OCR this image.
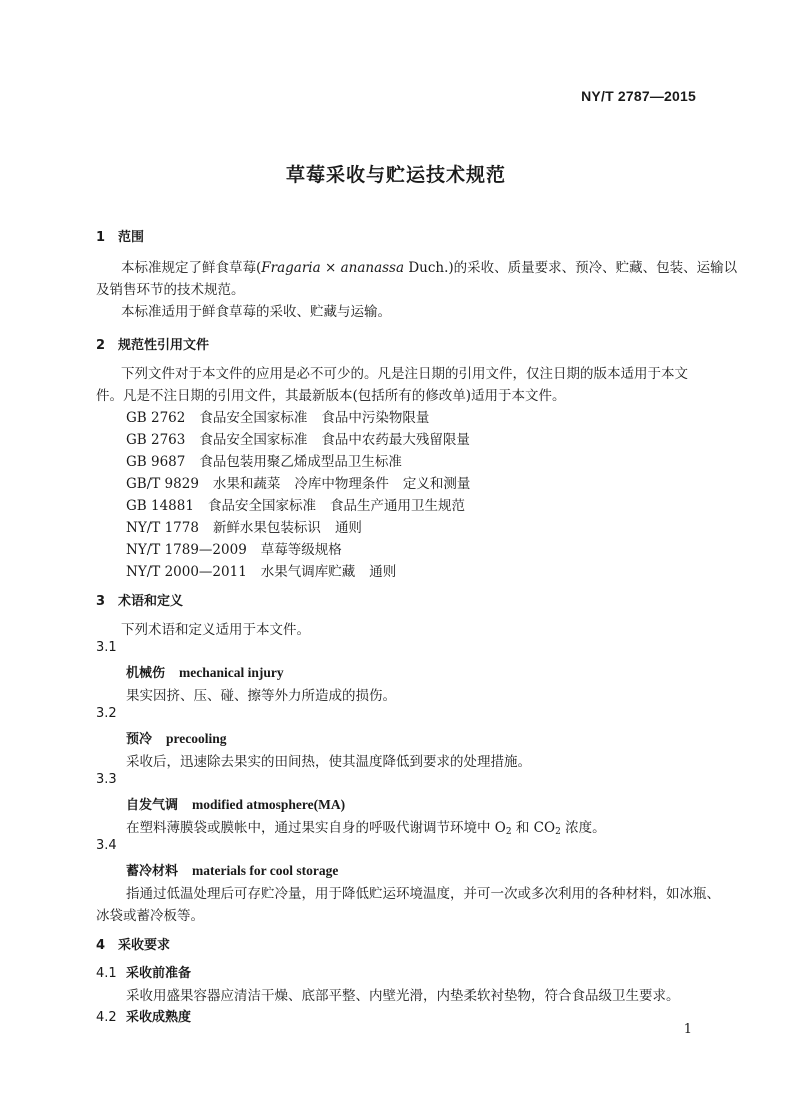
NY/T 2787—2015
草莓采收与贮运技术规范
1 范围
本标准规定了鲜食草莓(Fragaria × ananassa Duch.)的采收、质量要求、预冷、贮藏、包装、运输以
及销售环节的技术规范。
本标准适用于鲜食草莓的采收、贮藏与运输。
2 规范性引用文件
下列文件对于本文件的应用是必不可少的。凡是注日期的引用文件，仅注日期的版本适用于本文
件。凡是不注日期的引用文件，其最新版本(包括所有的修改单)适用于本文件。
GB 2762 食品安全国家标准 食品中污染物限量
GB 2763 食品安全国家标准 食品中农药最大残留限量
GB 9687 食品包装用聚乙烯成型品卫生标准
GB/T 9829 水果和蔬菜 冷库中物理条件 定义和测量
GB 14881 食品安全国家标准 食品生产通用卫生规范
NY/T 1778 新鲜水果包装标识 通则
NY/T 1789—2009 草莓等级规格
NY/T 2000—2011 水果气调库贮藏 通则
3 术语和定义
下列术语和定义适用于本文件。
3.1
机械伤 mechanical injury
果实因挤、压、碰、擦等外力所造成的损伤。
3.2
预冷 precooling
采收后，迅速除去果实的田间热，使其温度降低到要求的处理措施。
3.3
自发气调 modified atmosphere(MA)
在塑料薄膜袋或膜帐中，通过果实自身的呼吸代谢调节环境中 $O_2$ 和 $CO_2$ 浓度。
3.4
蓄冷材料 materials for cool storage
指通过低温处理后可存贮冷量，用于降低贮运环境温度，并可一次或多次利用的各种材料，如冰瓶、
冰袋或蓄冷板等。
4 采收要求
4.1 采收前准备
采收用盛果容器应清洁干燥、底部平整、内壁光滑，内垫柔软衬垫物，符合食品级卫生要求。
4.2 采收成熟度
1
